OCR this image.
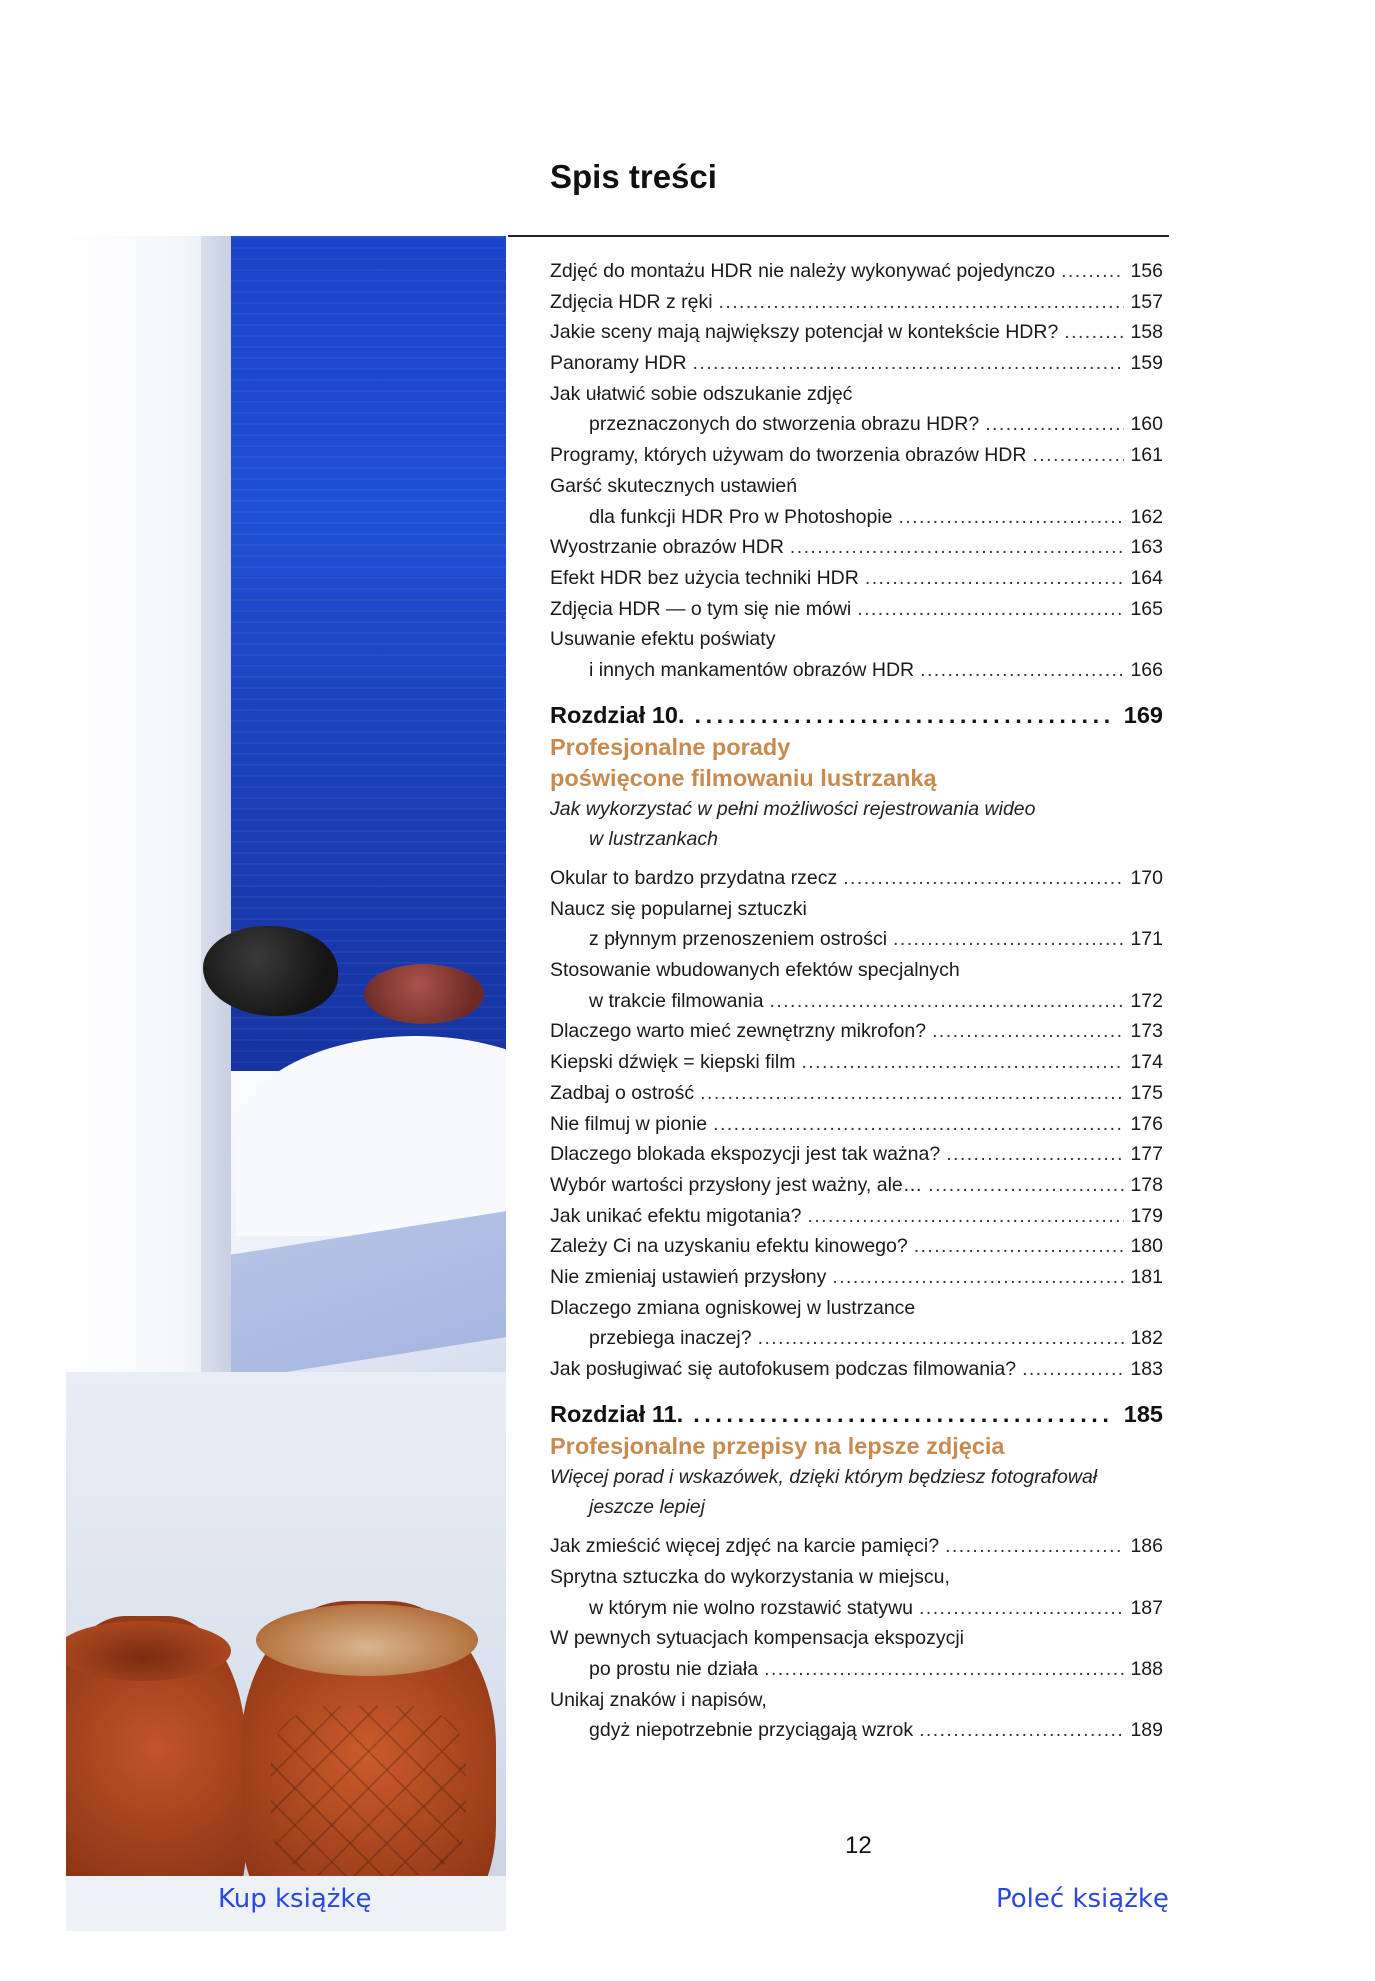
Spis treści
Zdjęć do montażu HDR nie należy wykonywać pojedynczo . . .	156
Zdjęcia HDR z ręki . . .	157
Jakie sceny mają największy potencjał w kontekście HDR? . . .	158
Panoramy HDR . . .	159
Jak ułatwić sobie odszukanie zdjęć
przeznaczonych do stworzenia obrazu HDR? . . .	160
Programy, których używam do tworzenia obrazów HDR . . .	161
Garść skutecznych ustawień
dla funkcji HDR Pro w Photoshopie . . .	162
Wyostrzanie obrazów HDR . . .	163
Efekt HDR bez użycia techniki HDR . . .	164
Zdjęcia HDR — o tym się nie mówi . . .	165
Usuwanie efektu poświaty
i innych mankamentów obrazów HDR . . .	166
Rozdział 10. . . .	169
Profesjonalne porady
poświęcone filmowaniu lustrzanką
Jak wykorzystać w pełni możliwości rejestrowania wideo
w lustrzankach
Okular to bardzo przydatna rzecz . . .	170
Naucz się popularnej sztuczki
z płynnym przenoszeniem ostrości . . .	171
Stosowanie wbudowanych efektów specjalnych
w trakcie filmowania . . .	172
Dlaczego warto mieć zewnętrzny mikrofon? . . .	173
Kiepski dźwięk = kiepski film . . .	174
Zadbaj o ostrość . . .	175
Nie filmuj w pionie . . .	176
Dlaczego blokada ekspozycji jest tak ważna? . . .	177
Wybór wartości przysłony jest ważny, ale… . . .	178
Jak unikać efektu migotania? . . .	179
Zależy Ci na uzyskaniu efektu kinowego? . . .	180
Nie zmieniaj ustawień przysłony . . .	181
Dlaczego zmiana ogniskowej w lustrzance
przebiega inaczej? . . .	182
Jak posługiwać się autofokusem podczas filmowania? . . .	183
Rozdział 11. . . .	185
Profesjonalne przepisy na lepsze zdjęcia
Więcej porad i wskazówek, dzięki którym będziesz fotografował
jeszcze lepiej
Jak zmieścić więcej zdjęć na karcie pamięci? . . .	186
Sprytna sztuczka do wykorzystania w miejscu,
w którym nie wolno rozstawić statywu . . .	187
W pewnych sytuacjach kompensacja ekspozycji
po prostu nie działa . . .	188
Unikaj znaków i napisów,
gdyż niepotrzebnie przyciągają wzrok . . .	189
12
Kup książkę	Poleć książkę
